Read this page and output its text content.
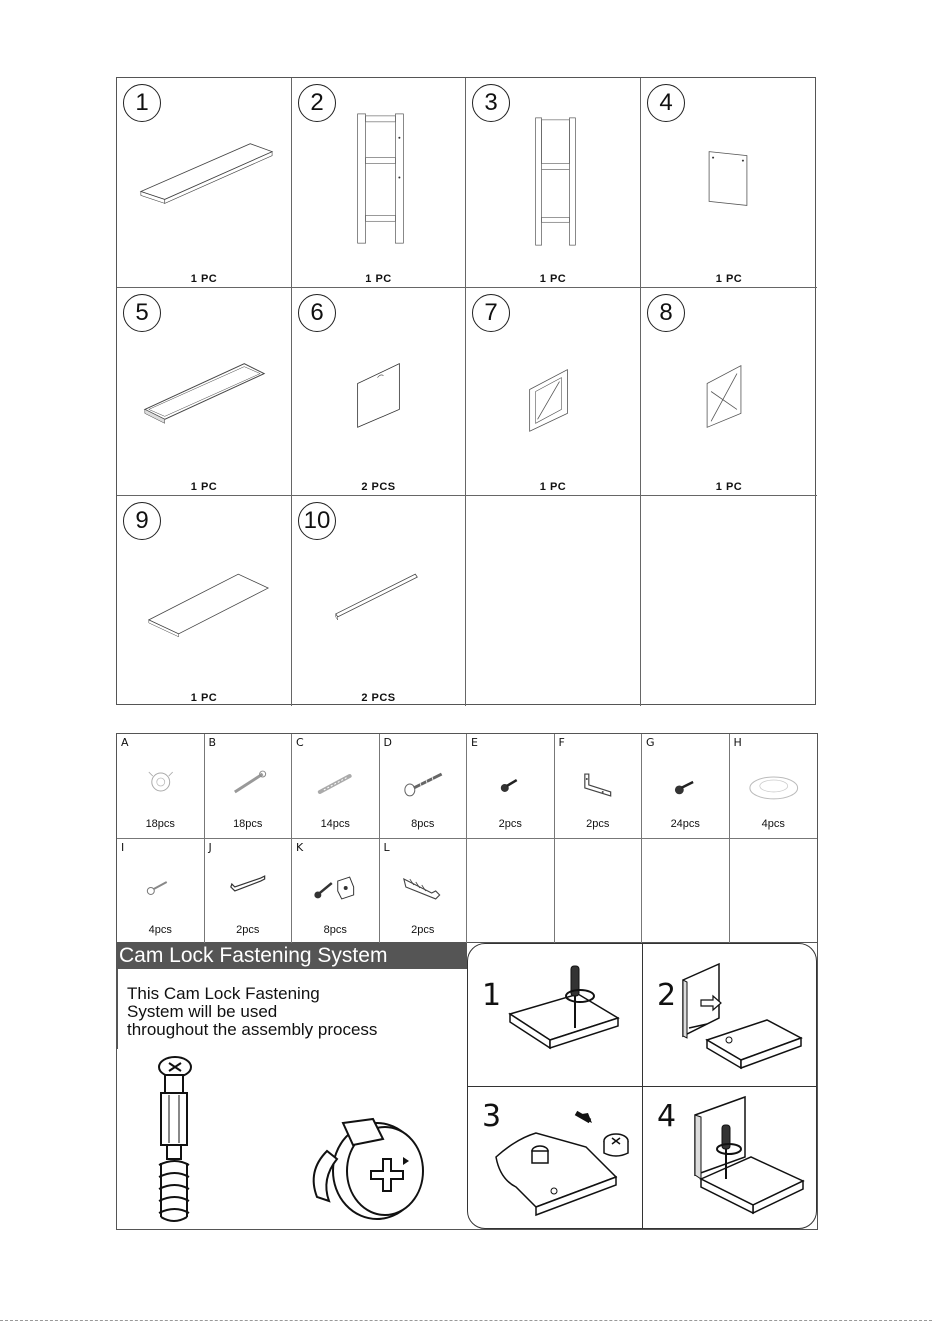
1
1 PC
2
1 PC
3
1 PC
4
1 PC
5
1 PC
6
2 PCS
7
1 PC
8
1 PC
9
1 PC
10
2 PCS
A
18pcs
B
18pcs
C
14pcs
D
8pcs
E
2pcs
F
2pcs
G
24pcs
H
4pcs
I
4pcs
J
2pcs
K
8pcs
L
2pcs
Cam Lock Fastening System
This Cam Lock Fastening
System will be used
throughout the assembly process
1	2
3	4
